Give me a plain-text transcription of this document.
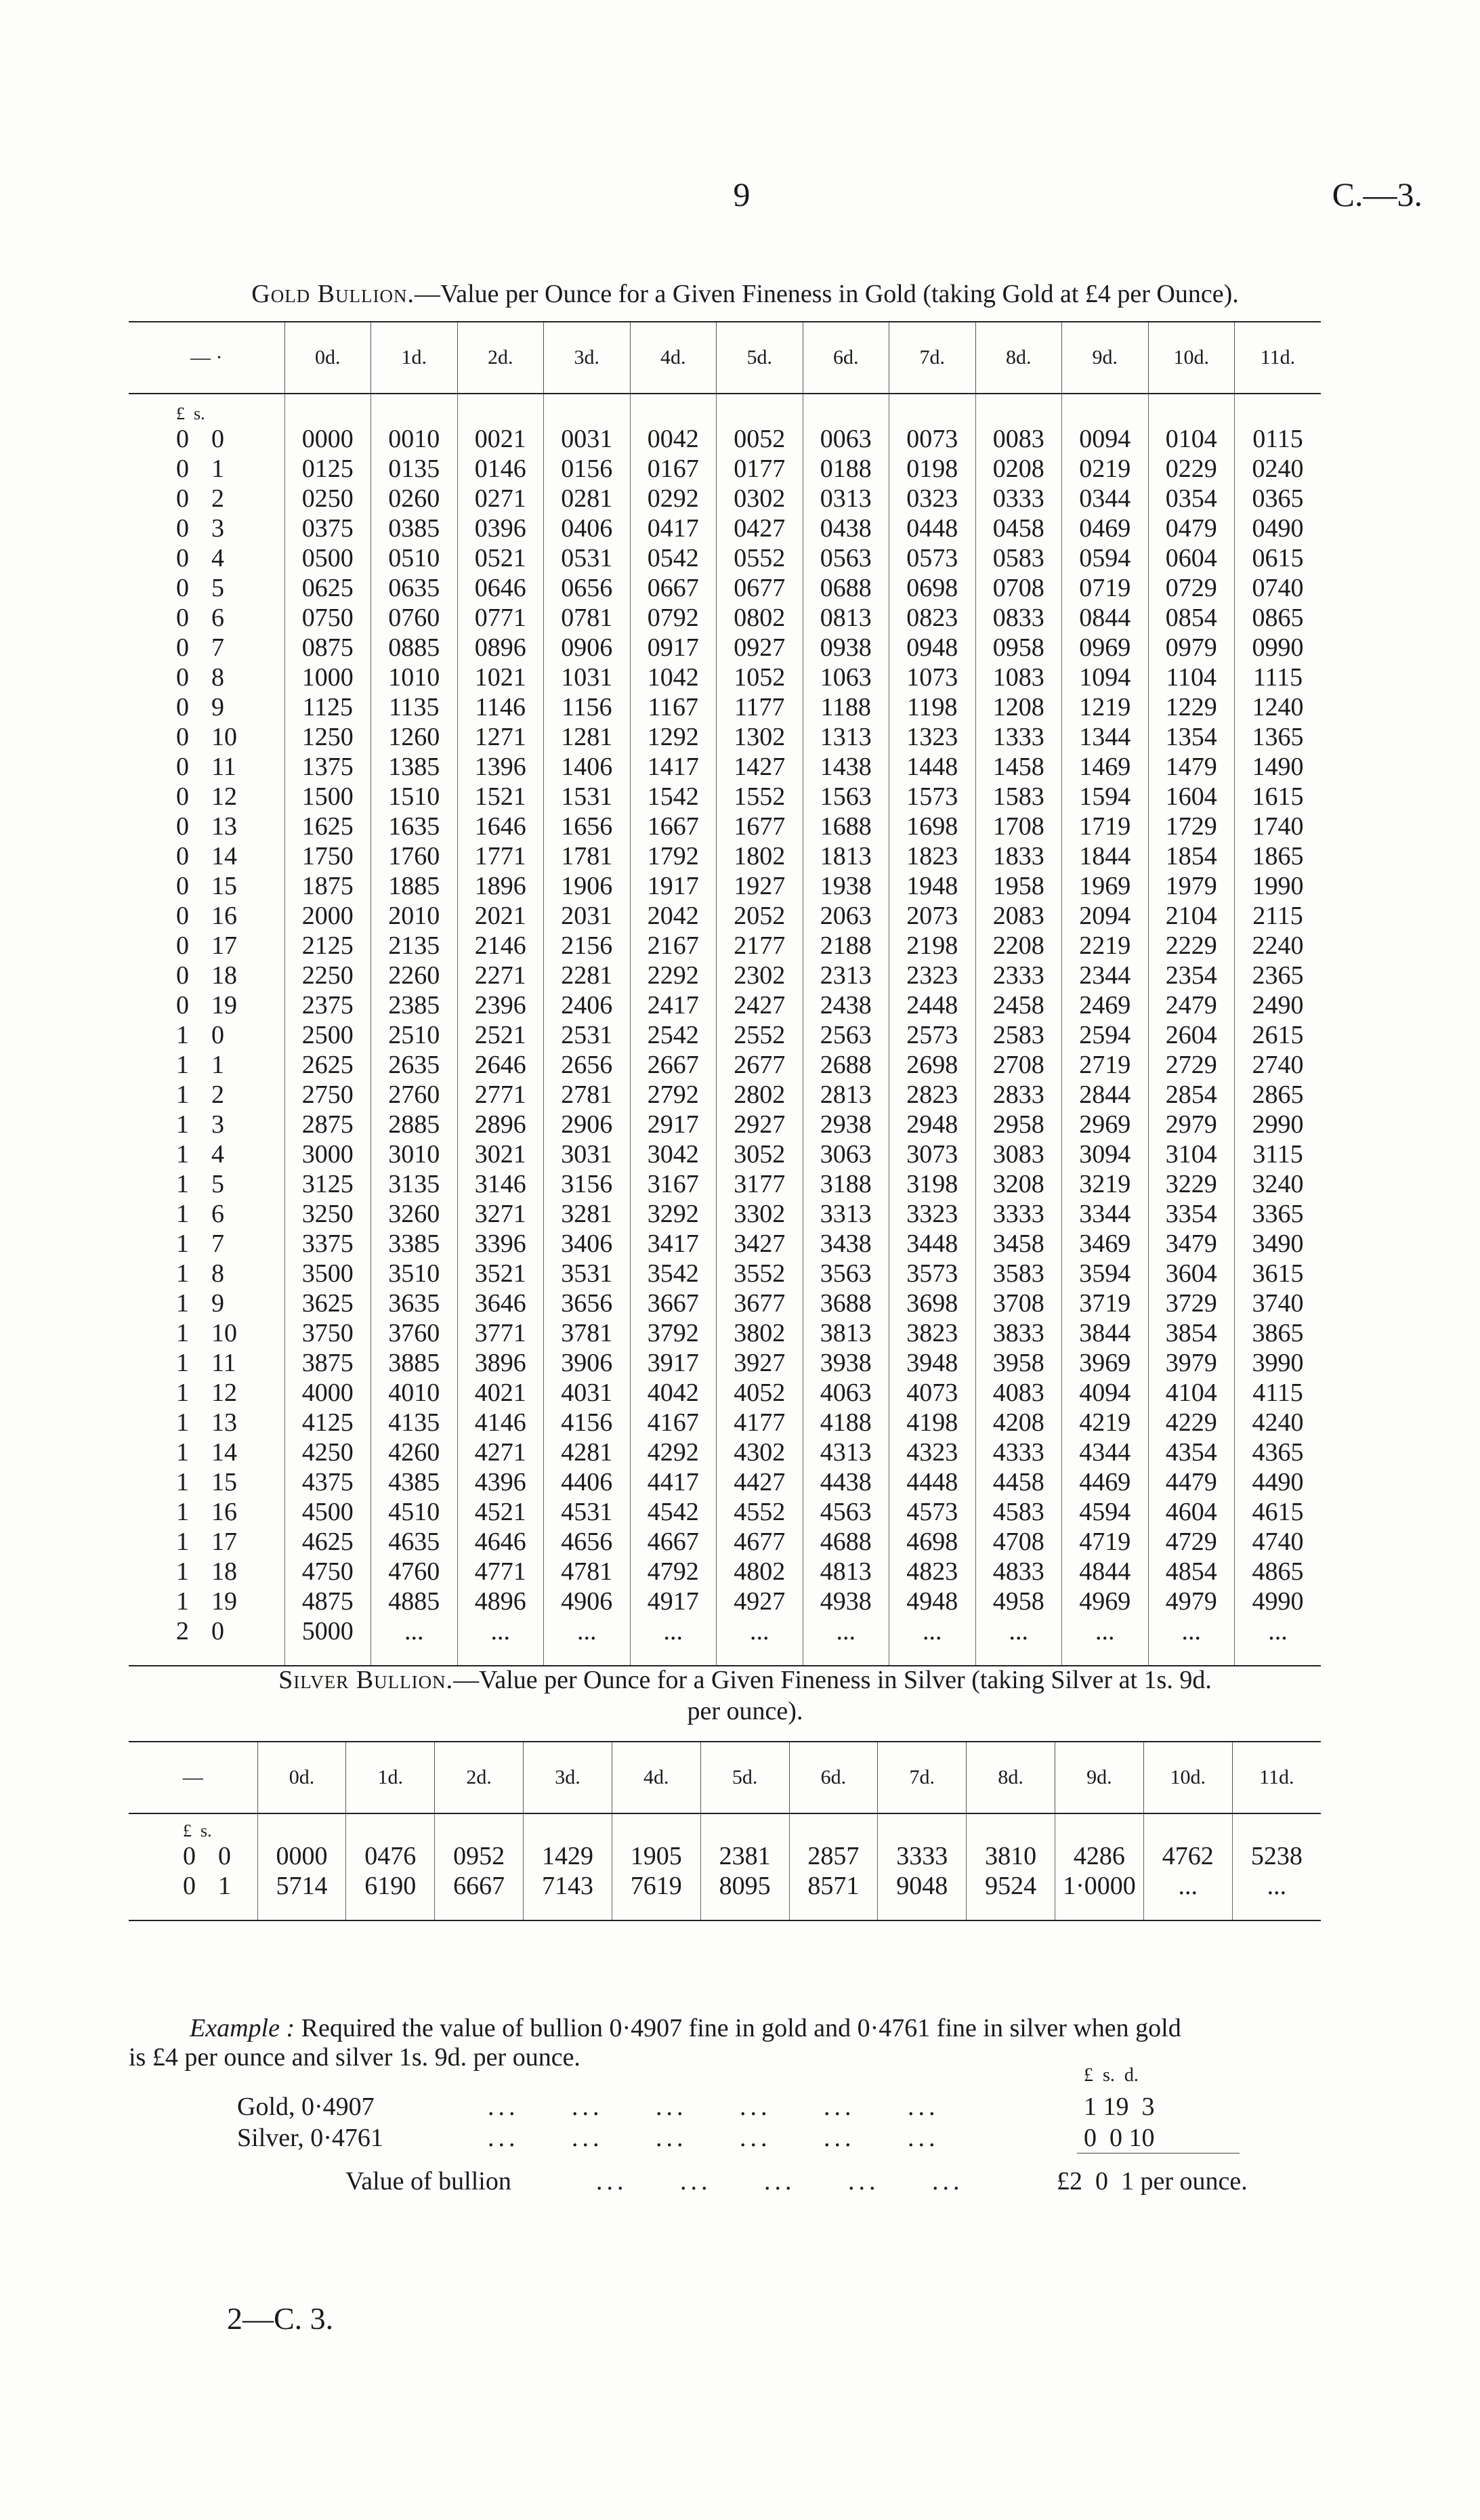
9	C.—3.
Gold Bullion.—Value per Ounce for a Given Fineness in Gold (taking Gold at £4 per Ounce).
— ·	0d.	1d.	2d.	3d.	4d.	5d.	6d.	7d.	8d.	9d.	10d.	11d.
£  s.												
0 0	0000	0010	0021	0031	0042	0052	0063	0073	0083	0094	0104	0115
0 1	0125	0135	0146	0156	0167	0177	0188	0198	0208	0219	0229	0240
0 2	0250	0260	0271	0281	0292	0302	0313	0323	0333	0344	0354	0365
0 3	0375	0385	0396	0406	0417	0427	0438	0448	0458	0469	0479	0490
0 4	0500	0510	0521	0531	0542	0552	0563	0573	0583	0594	0604	0615
0 5	0625	0635	0646	0656	0667	0677	0688	0698	0708	0719	0729	0740
0 6	0750	0760	0771	0781	0792	0802	0813	0823	0833	0844	0854	0865
0 7	0875	0885	0896	0906	0917	0927	0938	0948	0958	0969	0979	0990
0 8	1000	1010	1021	1031	1042	1052	1063	1073	1083	1094	1104	1115
0 9	1125	1135	1146	1156	1167	1177	1188	1198	1208	1219	1229	1240
0 10	1250	1260	1271	1281	1292	1302	1313	1323	1333	1344	1354	1365
0 11	1375	1385	1396	1406	1417	1427	1438	1448	1458	1469	1479	1490
0 12	1500	1510	1521	1531	1542	1552	1563	1573	1583	1594	1604	1615
0 13	1625	1635	1646	1656	1667	1677	1688	1698	1708	1719	1729	1740
0 14	1750	1760	1771	1781	1792	1802	1813	1823	1833	1844	1854	1865
0 15	1875	1885	1896	1906	1917	1927	1938	1948	1958	1969	1979	1990
0 16	2000	2010	2021	2031	2042	2052	2063	2073	2083	2094	2104	2115
0 17	2125	2135	2146	2156	2167	2177	2188	2198	2208	2219	2229	2240
0 18	2250	2260	2271	2281	2292	2302	2313	2323	2333	2344	2354	2365
0 19	2375	2385	2396	2406	2417	2427	2438	2448	2458	2469	2479	2490
1 0	2500	2510	2521	2531	2542	2552	2563	2573	2583	2594	2604	2615
1 1	2625	2635	2646	2656	2667	2677	2688	2698	2708	2719	2729	2740
1 2	2750	2760	2771	2781	2792	2802	2813	2823	2833	2844	2854	2865
1 3	2875	2885	2896	2906	2917	2927	2938	2948	2958	2969	2979	2990
1 4	3000	3010	3021	3031	3042	3052	3063	3073	3083	3094	3104	3115
1 5	3125	3135	3146	3156	3167	3177	3188	3198	3208	3219	3229	3240
1 6	3250	3260	3271	3281	3292	3302	3313	3323	3333	3344	3354	3365
1 7	3375	3385	3396	3406	3417	3427	3438	3448	3458	3469	3479	3490
1 8	3500	3510	3521	3531	3542	3552	3563	3573	3583	3594	3604	3615
1 9	3625	3635	3646	3656	3667	3677	3688	3698	3708	3719	3729	3740
1 10	3750	3760	3771	3781	3792	3802	3813	3823	3833	3844	3854	3865
1 11	3875	3885	3896	3906	3917	3927	3938	3948	3958	3969	3979	3990
1 12	4000	4010	4021	4031	4042	4052	4063	4073	4083	4094	4104	4115
1 13	4125	4135	4146	4156	4167	4177	4188	4198	4208	4219	4229	4240
1 14	4250	4260	4271	4281	4292	4302	4313	4323	4333	4344	4354	4365
1 15	4375	4385	4396	4406	4417	4427	4438	4448	4458	4469	4479	4490
1 16	4500	4510	4521	4531	4542	4552	4563	4573	4583	4594	4604	4615
1 17	4625	4635	4646	4656	4667	4677	4688	4698	4708	4719	4729	4740
1 18	4750	4760	4771	4781	4792	4802	4813	4823	4833	4844	4854	4865
1 19	4875	4885	4896	4906	4917	4927	4938	4948	4958	4969	4979	4990
2 0	5000	...	...	...	...	...	...	...	...	...	...	...

Silver Bullion.—Value per Ounce for a Given Fineness in Silver (taking Silver at 1s. 9d.
per ounce).
—	0d.	1d.	2d.	3d.	4d.	5d.	6d.	7d.	8d.	9d.	10d.	11d.
£  s.												
0 0	0000	0476	0952	1429	1905	2381	2857	3333	3810	4286	4762	5238
0 1	5714	6190	6667	7143	7619	8095	8571	9048	9524	1·0000	...	...

Example : Required the value of bullion 0·4907 fine in gold and 0·4761 fine in silver when gold
is £4 per ounce and silver 1s. 9d. per ounce.
£  s.  d.
Gold, 0·4907	...     ...     ...     ...     ...     ...	1 19  3
Silver, 0·4761	...     ...     ...     ...     ...     ...	0  0 10
Value of bullion	...     ...     ...     ...     ...	£2  0  1 per ounce.
2—C. 3.
